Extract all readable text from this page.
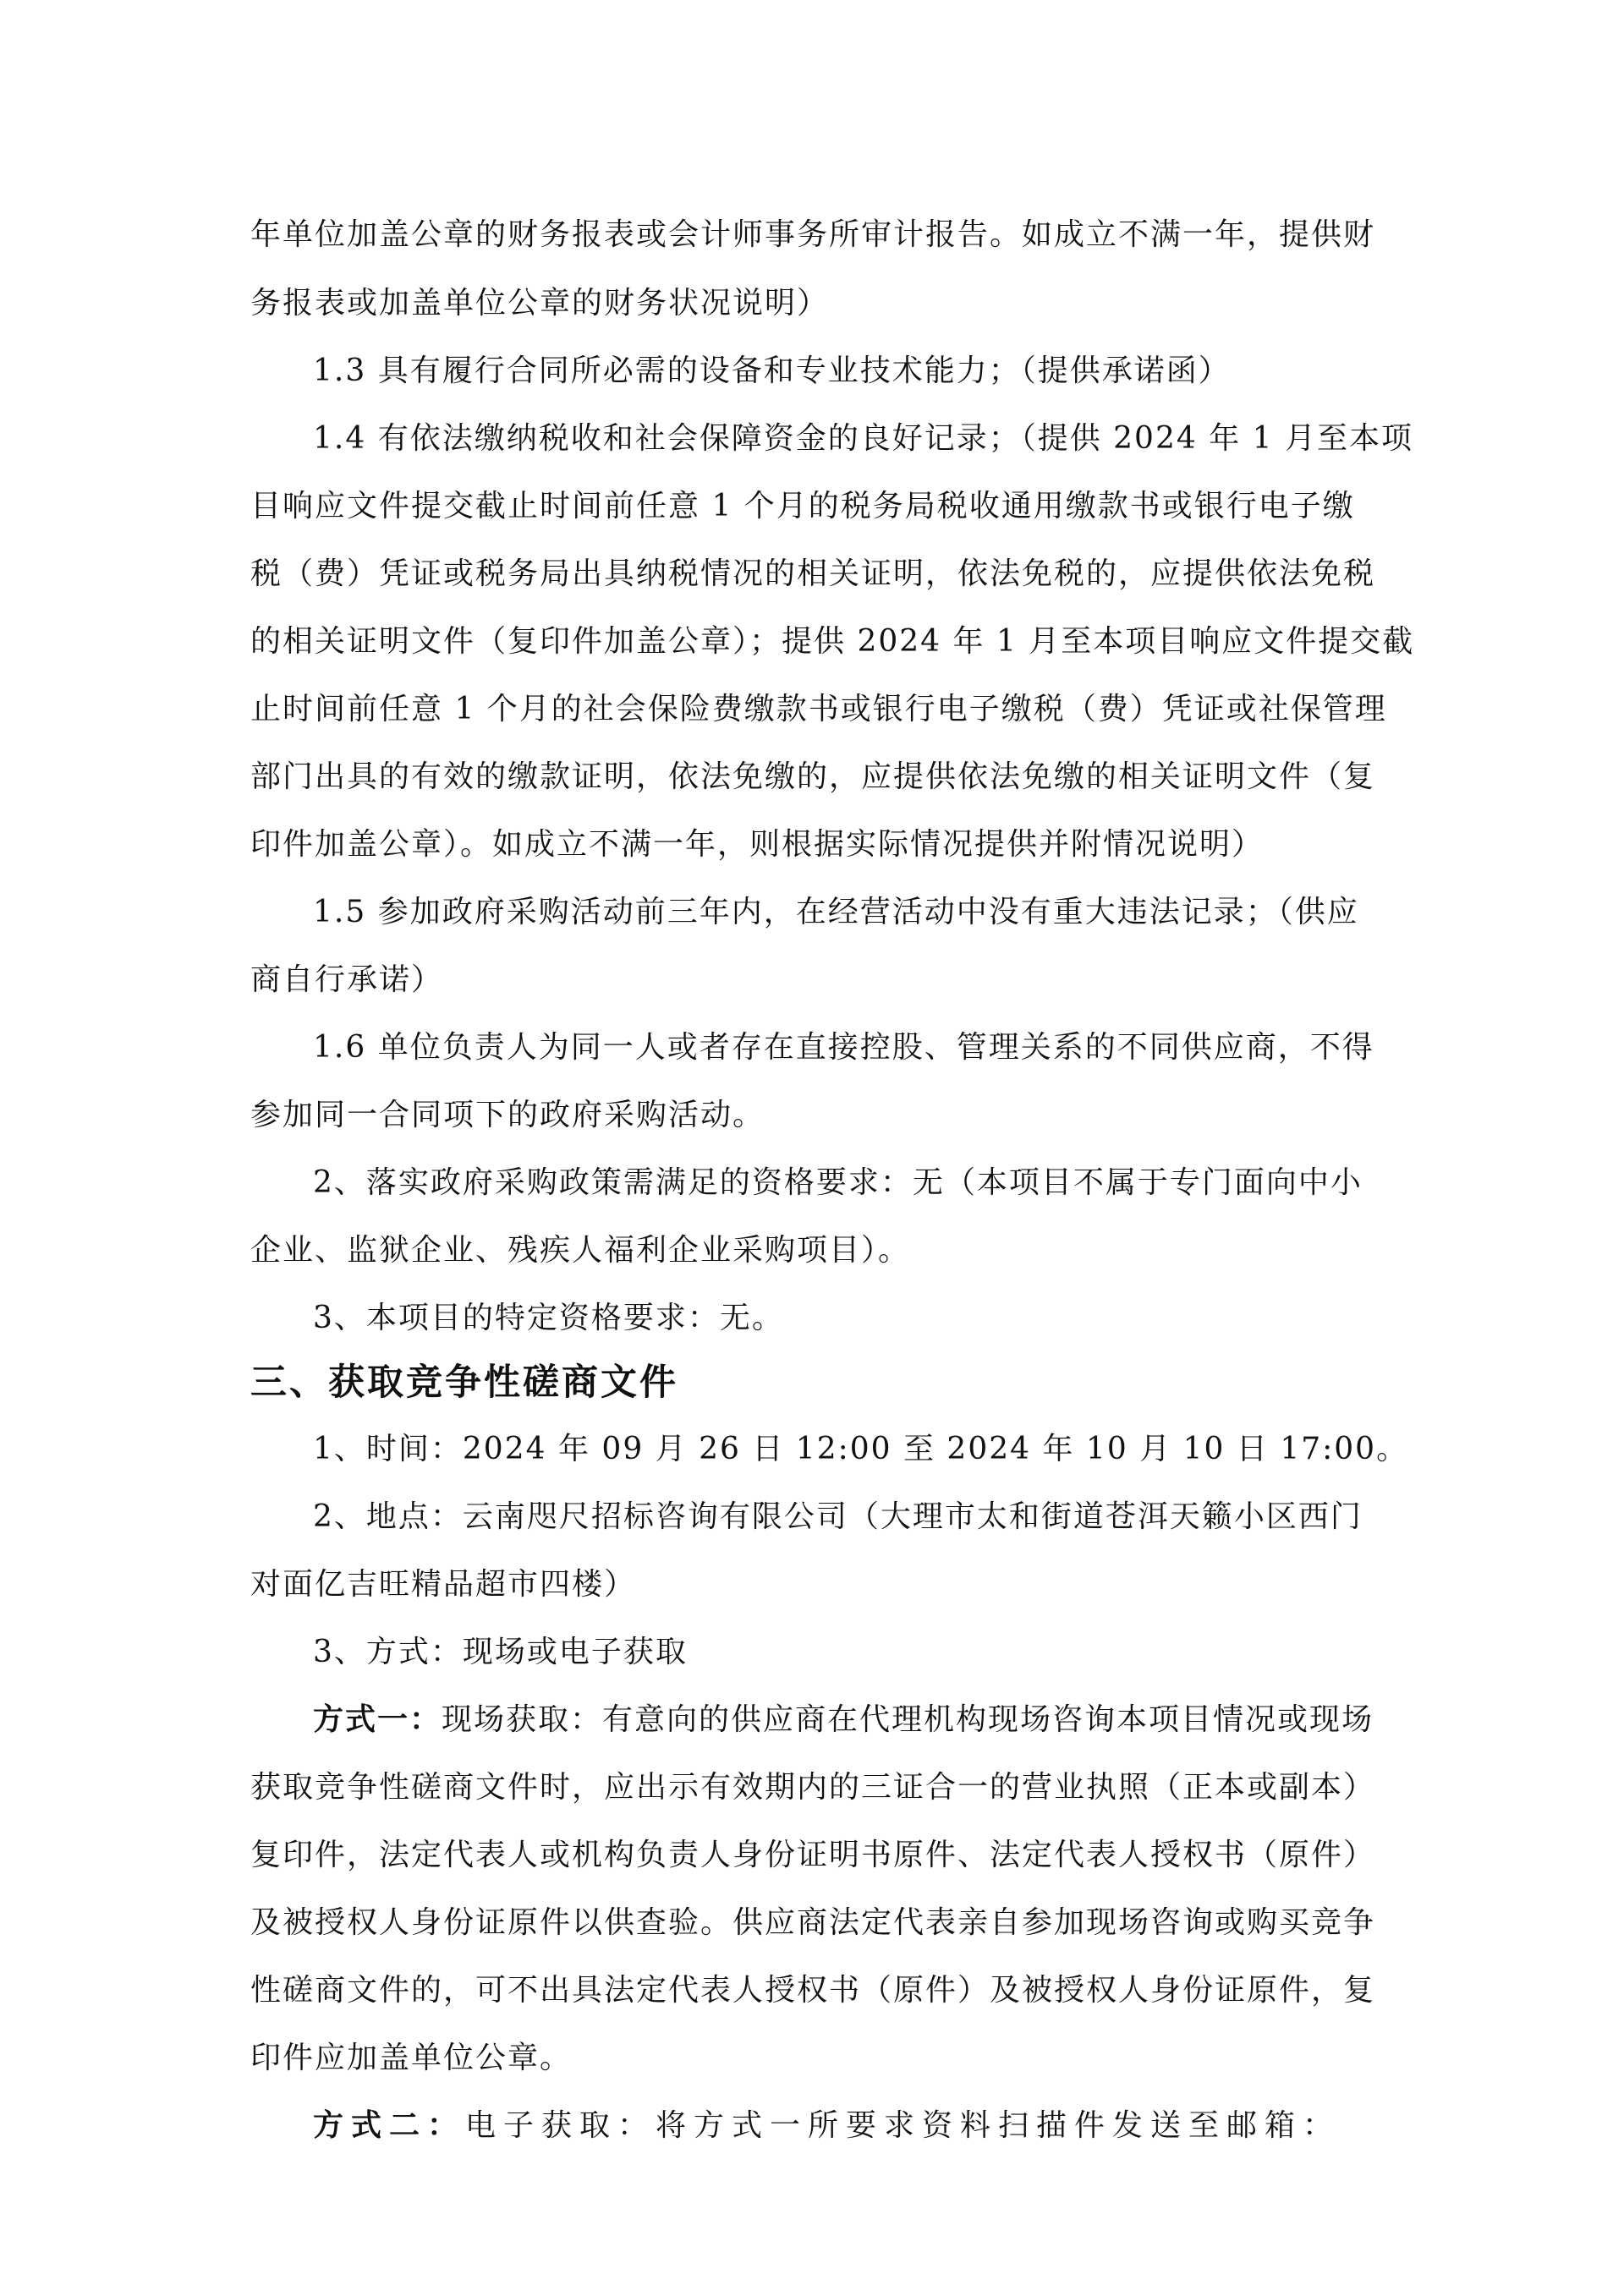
年单位加盖公章的财务报表或会计师事务所审计报告。如成立不满一年，提供财
务报表或加盖单位公章的财务状况说明）
1.3 具有履行合同所必需的设备和专业技术能力；（提供承诺函）
1.4 有依法缴纳税收和社会保障资金的良好记录；（提供 2024 年 1 月至本项
目响应文件提交截止时间前任意 1 个月的税务局税收通用缴款书或银行电子缴
税（费）凭证或税务局出具纳税情况的相关证明，依法免税的，应提供依法免税
的相关证明文件（复印件加盖公章）；提供 2024 年 1 月至本项目响应文件提交截
止时间前任意 1 个月的社会保险费缴款书或银行电子缴税（费）凭证或社保管理
部门出具的有效的缴款证明，依法免缴的，应提供依法免缴的相关证明文件（复
印件加盖公章）。如成立不满一年，则根据实际情况提供并附情况说明）
1.5 参加政府采购活动前三年内，在经营活动中没有重大违法记录；（供应
商自行承诺）
1.6 单位负责人为同一人或者存在直接控股、管理关系的不同供应商，不得
参加同一合同项下的政府采购活动。
2、落实政府采购政策需满足的资格要求：无（本项目不属于专门面向中小
企业、监狱企业、残疾人福利企业采购项目）。
3、本项目的特定资格要求：无。
三、获取竞争性磋商文件
1、时间：2024 年 09 月 26 日 12:00 至 2024 年 10 月 10 日 17:00。
2、地点：云南咫尺招标咨询有限公司（大理市太和街道苍洱天籁小区西门
对面亿吉旺精品超市四楼）
3、方式：现场或电子获取
方式一：现场获取：有意向的供应商在代理机构现场咨询本项目情况或现场
获取竞争性磋商文件时，应出示有效期内的三证合一的营业执照（正本或副本）
复印件，法定代表人或机构负责人身份证明书原件、法定代表人授权书（原件）
及被授权人身份证原件以供查验。供应商法定代表亲自参加现场咨询或购买竞争
性磋商文件的，可不出具法定代表人授权书（原件）及被授权人身份证原件，复
印件应加盖单位公章。
方式二：电子获取：将方式一所要求资料扫描件发送至邮箱：
